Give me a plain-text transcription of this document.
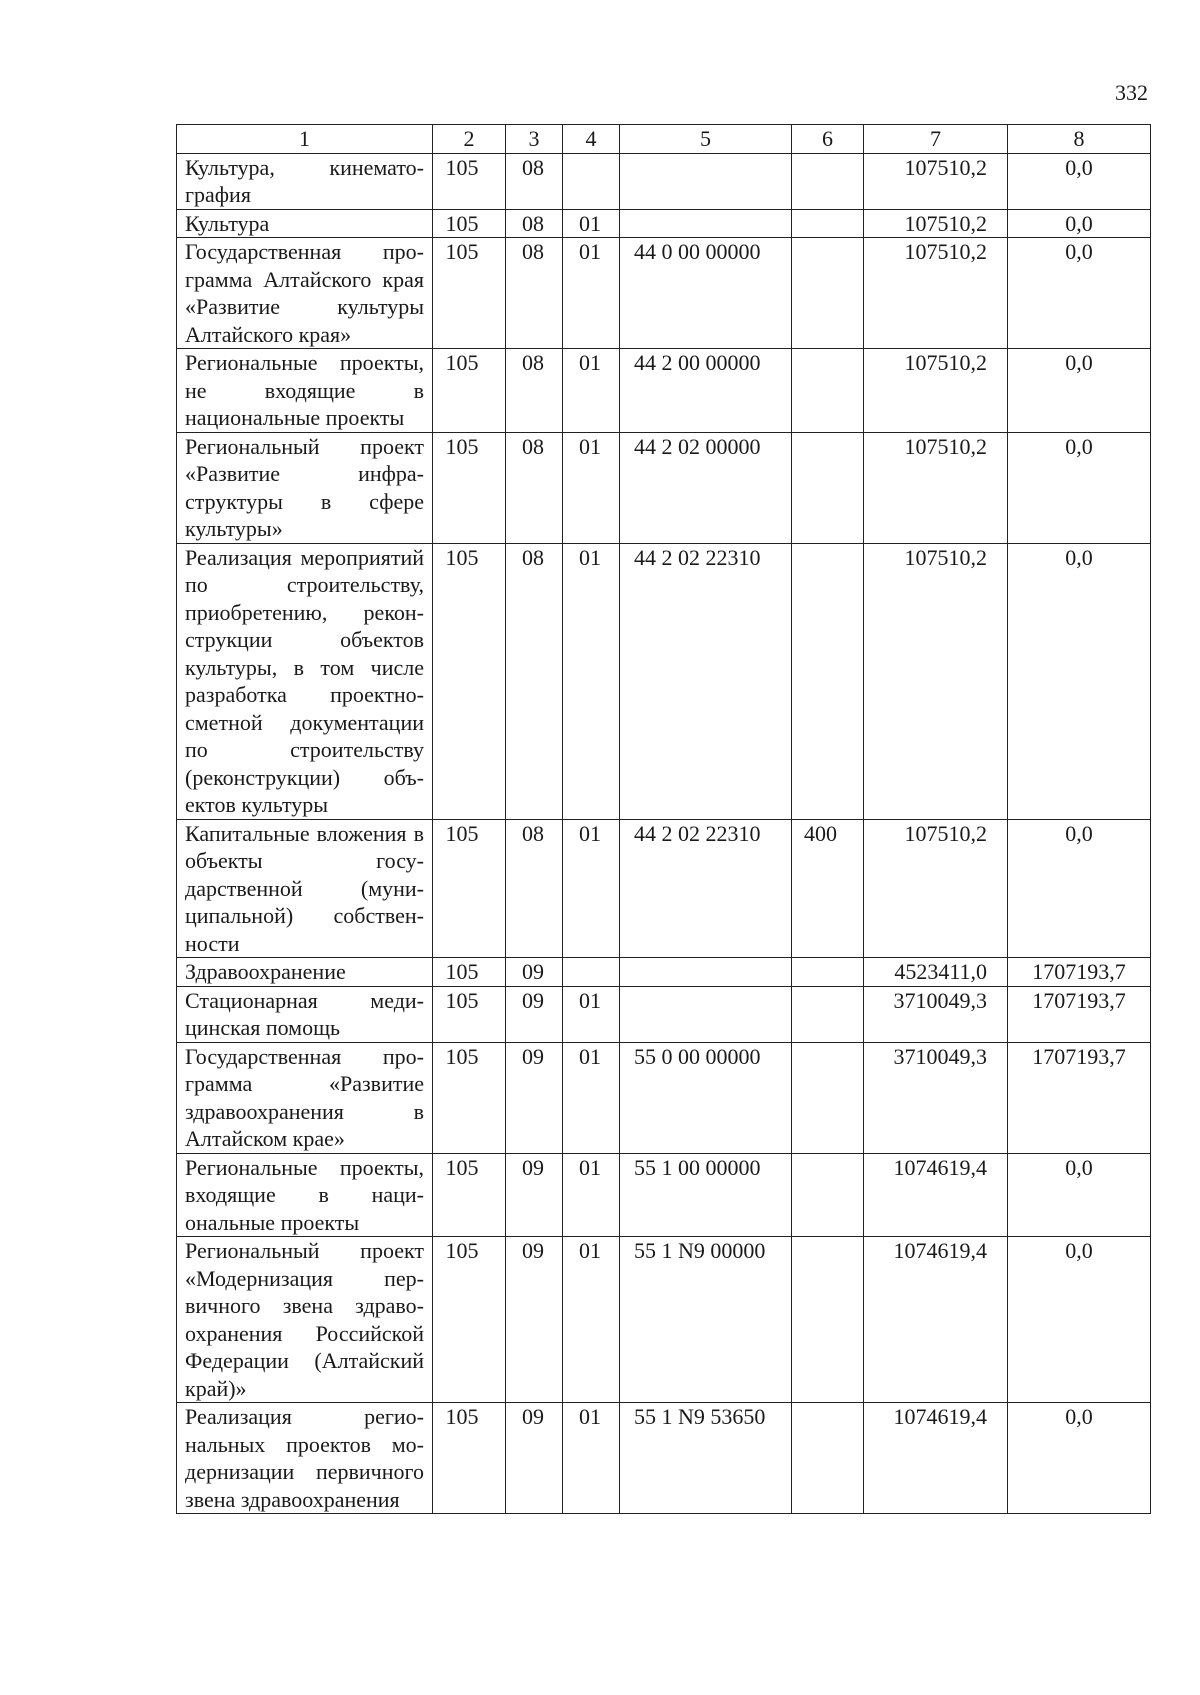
332
1	2	3	4	5	6	7	8
Культура, кинематография	105	08				107510,2	0,0
Культура	105	08	01			107510,2	0,0
Государственная программа Алтайского края «Развитие культуры Алтайского края»	105	08	01	44 0 00 00000		107510,2	0,0
Региональные проекты, не входящие в национальные проекты	105	08	01	44 2 00 00000		107510,2	0,0
Региональный проект «Развитие инфраструктуры в сфере культуры»	105	08	01	44 2 02 00000		107510,2	0,0
Реализация мероприятий по строительству, приобретению, реконструкции объектов культуры, в том числе разработка проектно-сметной документации по строительству (реконструкции) объектов культуры	105	08	01	44 2 02 22310		107510,2	0,0
Капитальные вложения в объекты государственной (муниципальной) собственности	105	08	01	44 2 02 22310	400	107510,2	0,0
Здравоохранение	105	09				4523411,0	1707193,7
Стационарная медицинская помощь	105	09	01			3710049,3	1707193,7
Государственная программа «Развитие здравоохранения в Алтайском крае»	105	09	01	55 0 00 00000		3710049,3	1707193,7
Региональные проекты, входящие в национальные проекты	105	09	01	55 1 00 00000		1074619,4	0,0
Региональный проект «Модернизация первичного звена здравоохранения Российской Федерации (Алтайский край)»	105	09	01	55 1 N9 00000		1074619,4	0,0
Реализация региональных проектов модернизации первичного звена здравоохранения	105	09	01	55 1 N9 53650		1074619,4	0,0
